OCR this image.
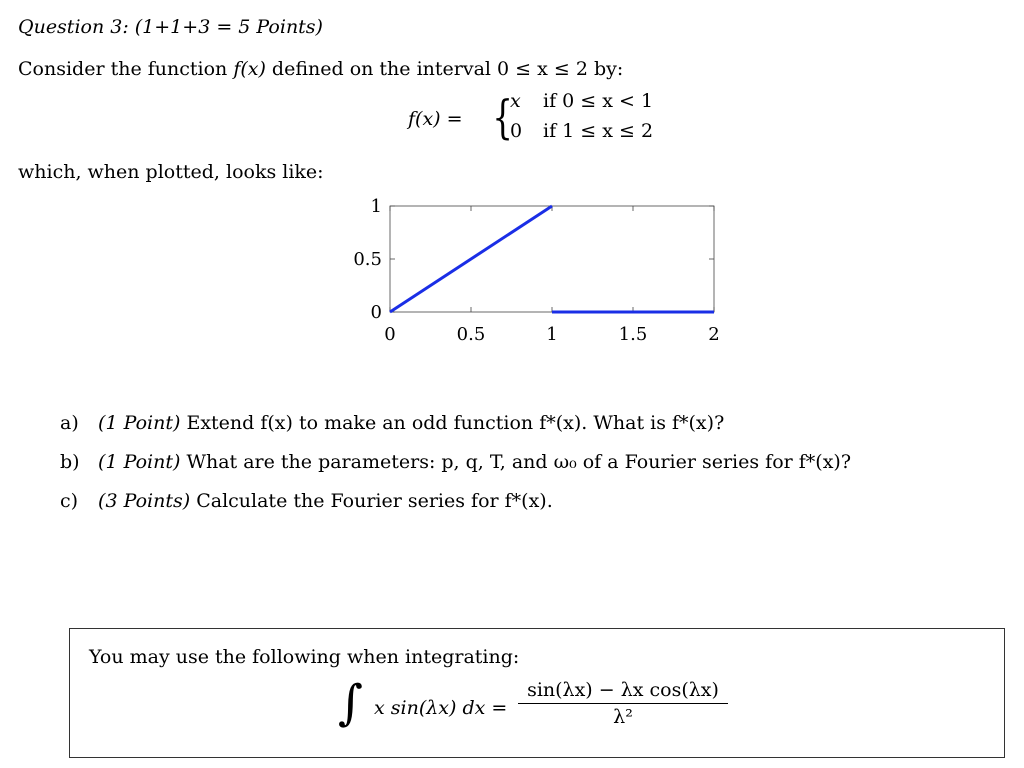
Question 3: (1+1+3 = 5 Points)
Consider the function f(x) defined on the interval 0 ≤ x ≤ 2 by:
f(x) = {
x if 0 ≤ x < 1
0 if 1 ≤ x ≤ 2
which, when plotted, looks like:
0	0.5	1	1.5	2
0
0.5
1
a) (1 Point) Extend f(x) to make an odd function f*(x). What is f*(x)?
b) (1 Point) What are the parameters: p, q, T, and ω₀ of a Fourier series for f*(x)?
c) (3 Points) Calculate the Fourier series for f*(x).
You may use the following when integrating:
∫ x sin(λx) dx = $\frac{\text{sin(λx) − λx cos(λx)}}{\text{λ²}}$
